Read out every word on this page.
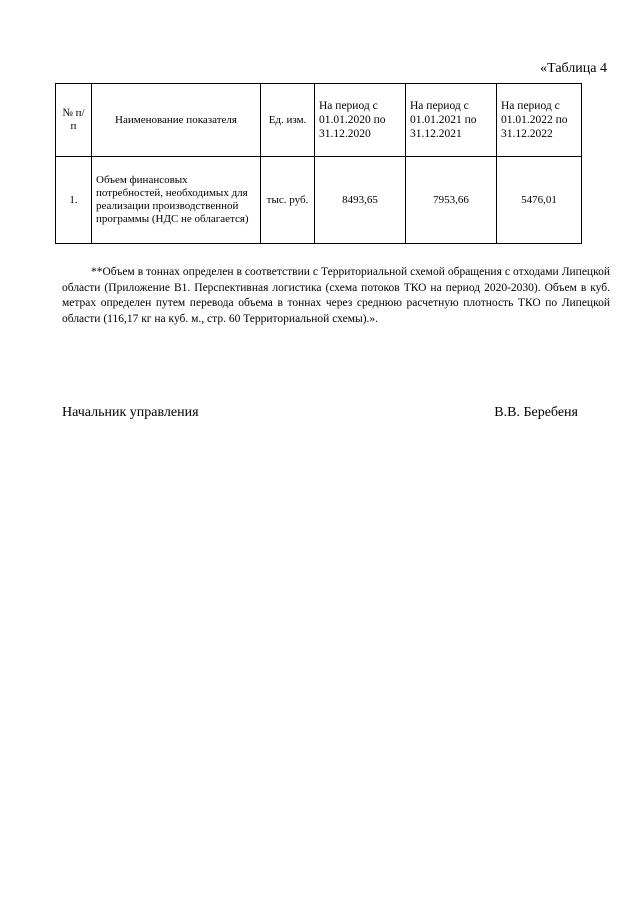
«Таблица 4
№ п/п	Наименование показателя	Ед. изм.	На период с 01.01.2020 по 31.12.2020	На период с 01.01.2021 по 31.12.2021	На период с 01.01.2022 по 31.12.2022
1.	Объем финансовых потребностей, необходимых для реализации производственной программы (НДС не облагается)	тыс. руб.	8493,65	7953,66	5476,01

**Объем в тоннах определен в соответствии с Территориальной схемой обращения с отходами Липецкой области (Приложение В1. Перспективная логистика (схема потоков ТКО на период 2020-2030). Объем в куб. метрах определен путем перевода объема в тоннах через среднюю расчетную плотность ТКО по Липецкой области (116,17 кг на куб. м., стр. 60 Территориальной схемы).».

Начальник управления	В.В. Беребеня
